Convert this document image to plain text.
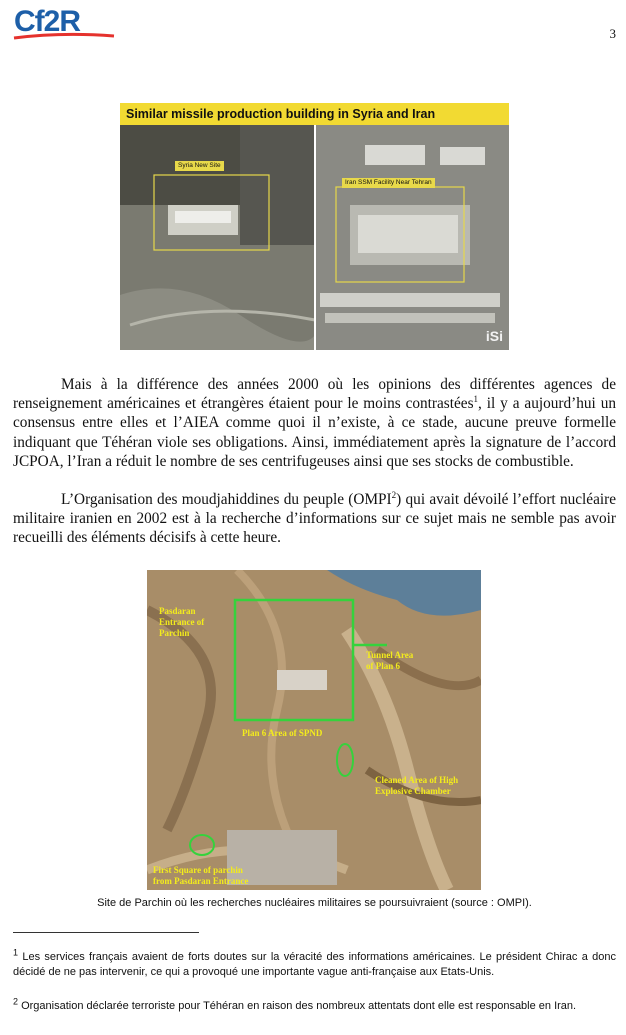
Cf2R	3
Similar missile production building in Syria and Iran
Syria New Site
Iran SSM Facility Near Tehran
iSi

Mais à la différence des années 2000 où les opinions des différentes agences de renseignement américaines et étrangères étaient pour le moins contrastées$^1$, il y a aujourd’hui un consensus entre elles et l’AIEA comme quoi il n’existe, à ce stade, aucune preuve formelle indiquant que Téhéran viole ses obligations. Ainsi, immédiatement après la signature de l’accord JCPOA, l’Iran a réduit le nombre de ses centrifugeuses ainsi que ses stocks de combustible.

L’Organisation des moudjahiddines du peuple (OMPI$^2$) qui avait dévoilé l’effort nucléaire militaire iranien en 2002 est à la recherche d’informations sur ce sujet mais ne semble pas avoir recueilli des éléments décisifs à cette heure.

Pasdaran
Entrance of
Parchin
Tunnel Area
of Plan 6
Plan 6 Area of SPND
Cleaned Area of High
Explosive Chamber
First Square of parchin
from Pasdaran Entrance
Site de Parchin où les recherches nucléaires militaires se poursuivraient (source : OMPI).

$^1$ Les services français avaient de forts doutes sur la véracité des informations américaines. Le président Chirac a donc décidé de ne pas intervenir, ce qui a provoqué une importante vague anti-française aux Etats-Unis.

$^2$ Organisation déclarée terroriste pour Téhéran en raison des nombreux attentats dont elle est responsable en Iran.
